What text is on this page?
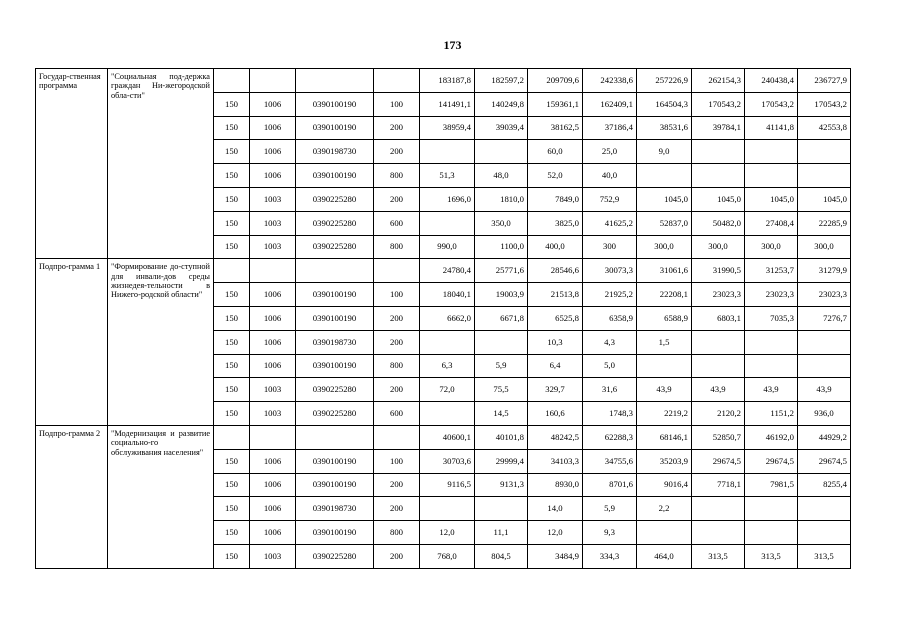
173
Государ-ственная программа	"Социальная под-держка граждан Ни-жегородской обла-сти"					183187,8	182597,2	209709,6	242338,6	257226,9	262154,3	240438,4	236727,9
		150	1006	0390100190	100	141491,1	140249,8	159361,1	162409,1	164504,3	170543,2	170543,2	170543,2
		150	1006	0390100190	200	38959,4	39039,4	38162,5	37186,4	38531,6	39784,1	41141,8	42553,8
		150	1006	0390198730	200			60,0	25,0	9,0			
		150	1006	0390100190	800	51,3	48,0	52,0	40,0				
		150	1003	0390225280	200	1696,0	1810,0	7849,0	752,9	1045,0	1045,0	1045,0	1045,0
		150	1003	0390225280	600		350,0	3825,0	41625,2	52837,0	50482,0	27408,4	22285,9
		150	1003	0390225280	800	990,0	1100,0	400,0	300	300,0	300,0	300,0	300,0
Подпро-грамма 1	"Формирование до-ступной для инвали-дов среды жизнедея-тельности в Нижего-родской области"					24780,4	25771,6	28546,6	30073,3	31061,6	31990,5	31253,7	31279,9
		150	1006	0390100190	100	18040,1	19003,9	21513,8	21925,2	22208,1	23023,3	23023,3	23023,3
		150	1006	0390100190	200	6662,0	6671,8	6525,8	6358,9	6588,9	6803,1	7035,3	7276,7
		150	1006	0390198730	200			10,3	4,3	1,5			
		150	1006	0390100190	800	6,3	5,9	6,4	5,0				
		150	1003	0390225280	200	72,0	75,5	329,7	31,6	43,9	43,9	43,9	43,9
		150	1003	0390225280	600		14,5	160,6	1748,3	2219,2	2120,2	1151,2	936,0
Подпро-грамма 2	"Модернизация и развитие социально-го обслуживания населения"					40600,1	40101,8	48242,5	62288,3	68146,1	52850,7	46192,0	44929,2
		150	1006	0390100190	100	30703,6	29999,4	34103,3	34755,6	35203,9	29674,5	29674,5	29674,5
		150	1006	0390100190	200	9116,5	9131,3	8930,0	8701,6	9016,4	7718,1	7981,5	8255,4
		150	1006	0390198730	200			14,0	5,9	2,2			
		150	1006	0390100190	800	12,0	11,1	12,0	9,3				
		150	1003	0390225280	200	768,0	804,5	3484,9	334,3	464,0	313,5	313,5	313,5
